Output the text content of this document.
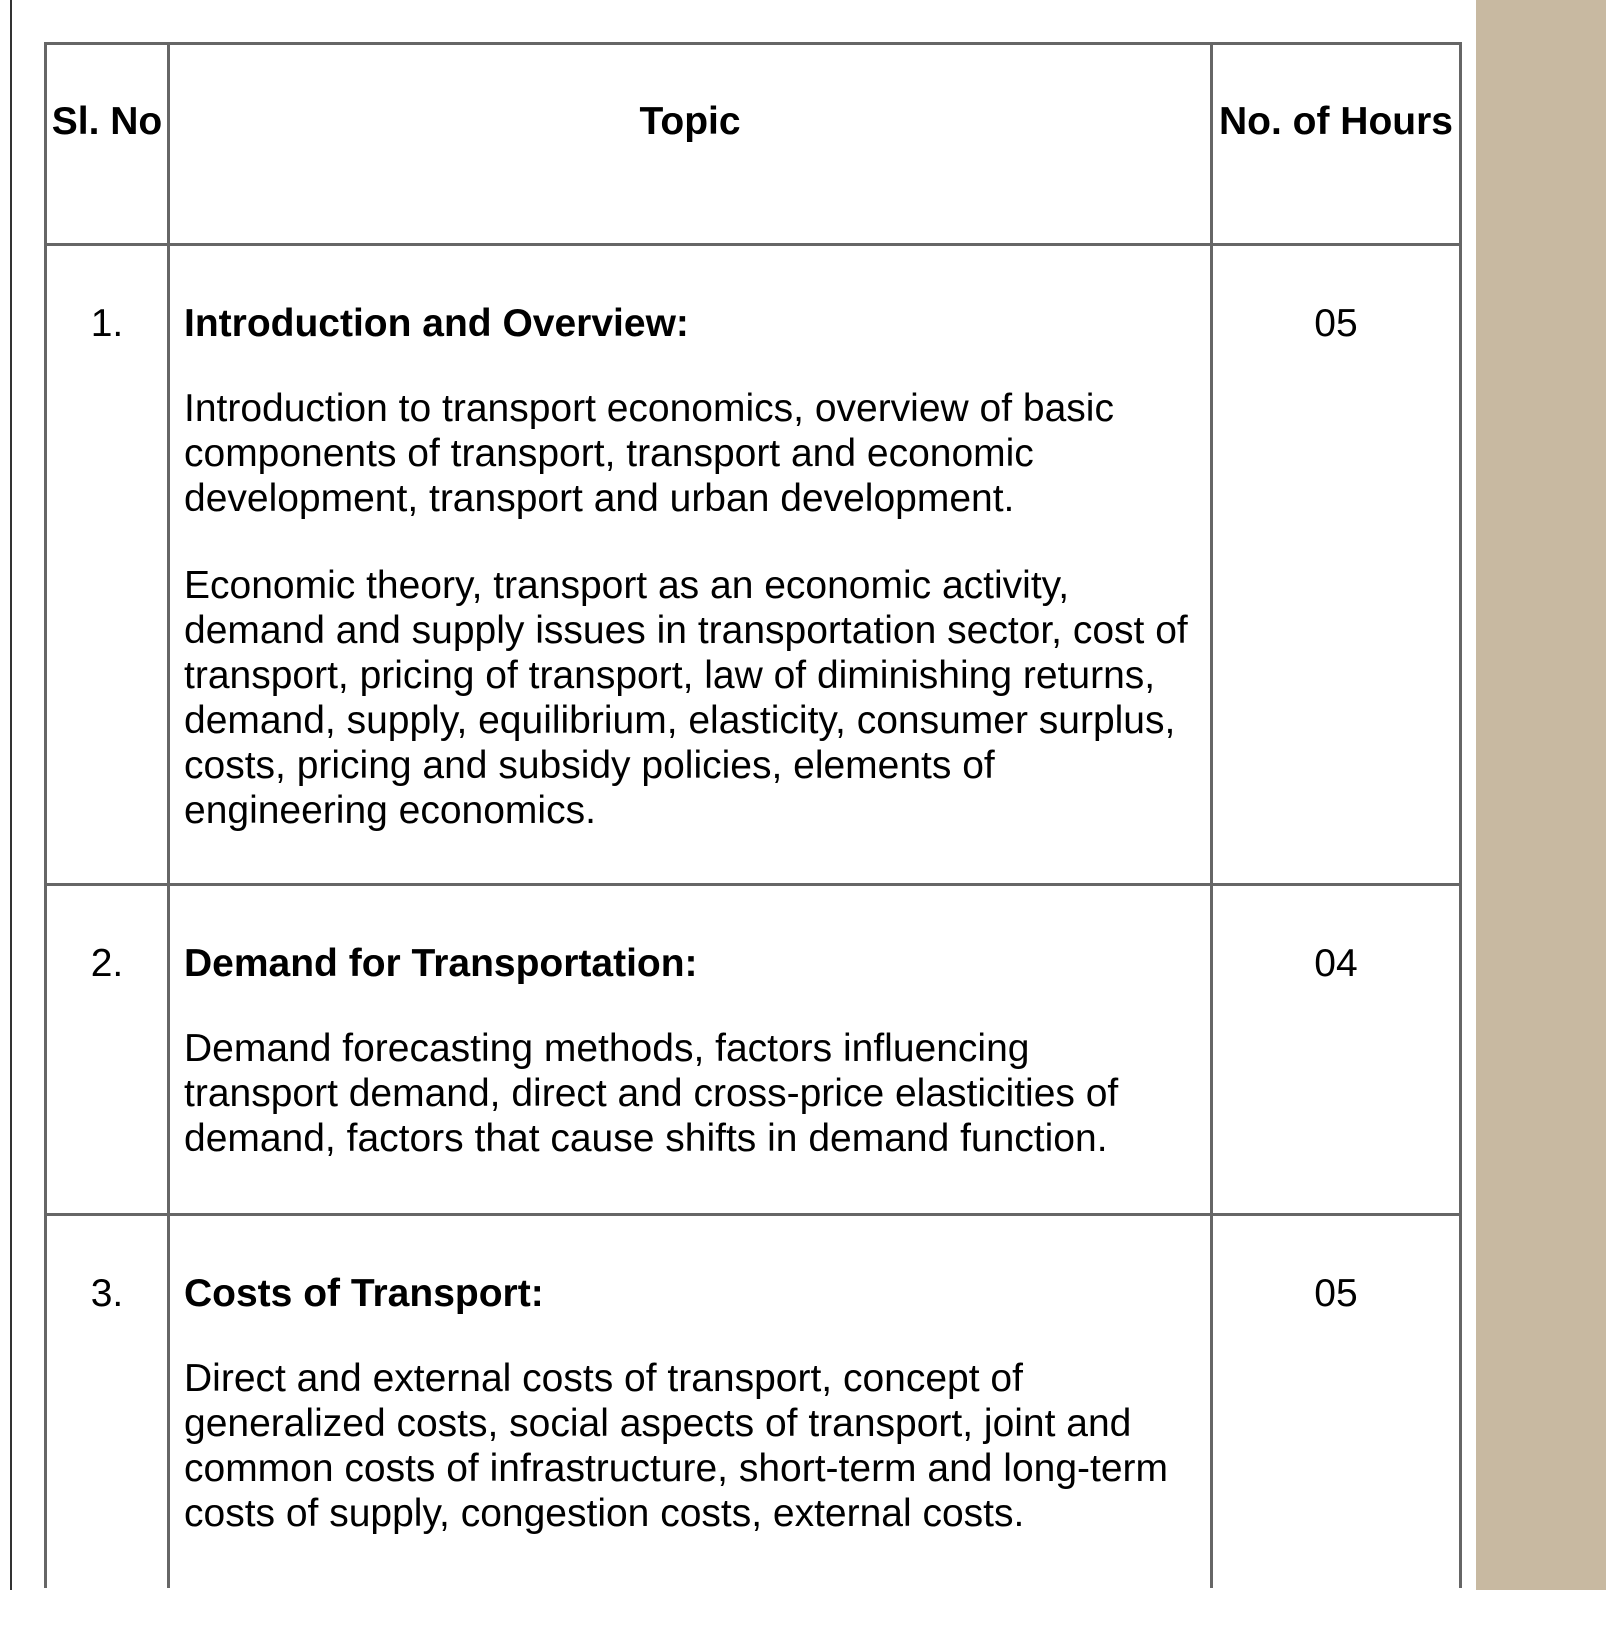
Sl. No	Topic	No. of Hours
1.	Introduction and Overview:

Introduction to transport economics, overview of basic components of transport, transport and economic development, transport and urban development.

Economic theory, transport as an economic activity, demand and supply issues in transportation sector, cost of transport, pricing of transport, law of diminishing returns, demand, supply, equilibrium, elasticity, consumer surplus, costs, pricing and subsidy policies, elements of engineering economics.	05
2.	Demand for Transportation:

Demand forecasting methods, factors influencing transport demand, direct and cross-price elasticities of demand, factors that cause shifts in demand function.	04
3.	Costs of Transport:

Direct and external costs of transport, concept of generalized costs, social aspects of transport, joint and common costs of infrastructure, short-term and long-term costs of supply, congestion costs, external costs.	05
